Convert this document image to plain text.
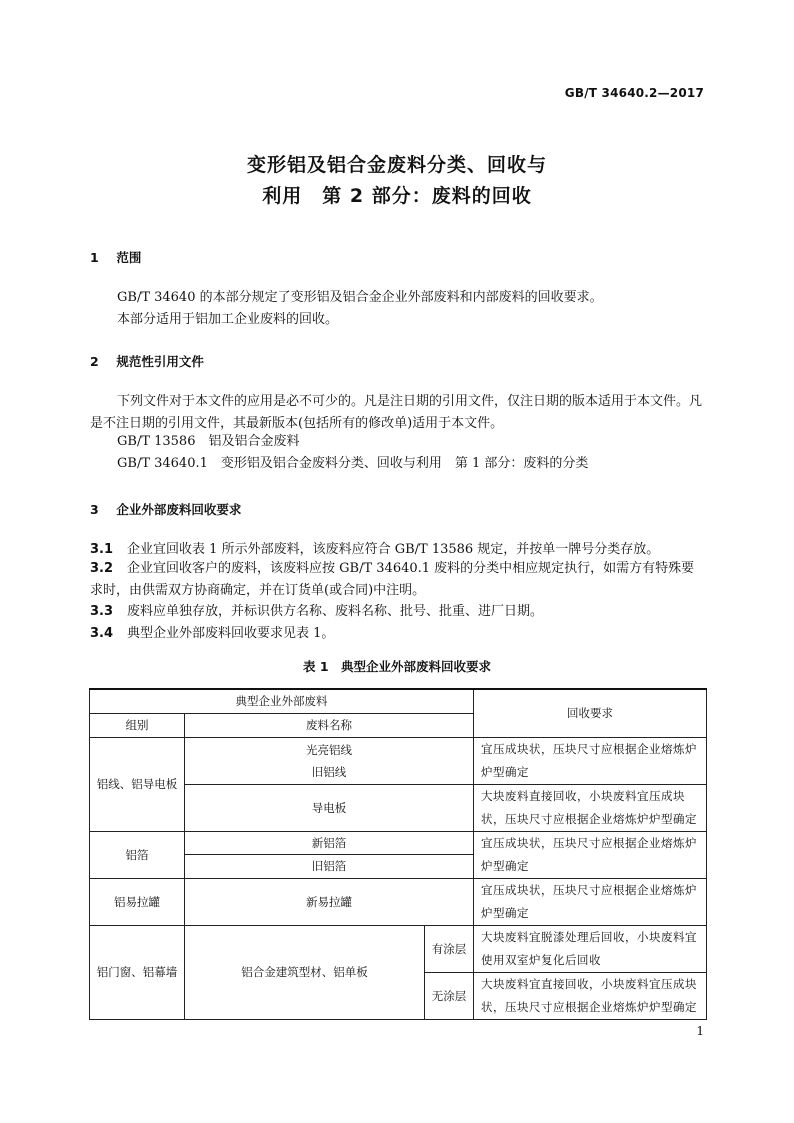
GB/T 34640.2—2017
变形铝及铝合金废料分类、回收与
利用　第 2 部分：废料的回收
1 范围
GB/T 34640 的本部分规定了变形铝及铝合金企业外部废料和内部废料的回收要求。
本部分适用于铝加工企业废料的回收。
2 规范性引用文件
下列文件对于本文件的应用是必不可少的。凡是注日期的引用文件，仅注日期的版本适用于本文件。凡是不注日期的引用文件，其最新版本(包括所有的修改单)适用于本文件。
GB/T 13586　铝及铝合金废料
GB/T 34640.1　变形铝及铝合金废料分类、回收与利用　第 1 部分：废料的分类
3 企业外部废料回收要求
3.1 企业宜回收表 1 所示外部废料，该废料应符合 GB/T 13586 规定，并按单一牌号分类存放。
3.2 企业宜回收客户的废料，该废料应按 GB/T 34640.1 废料的分类中相应规定执行，如需方有特殊要求时，由供需双方协商确定，并在订货单(或合同)中注明。
3.3 废料应单独存放，并标识供方名称、废料名称、批号、批重、进厂日期。
3.4 典型企业外部废料回收要求见表 1。
表 1　典型企业外部废料回收要求
典型企业外部废料			回收要求
组别	废料名称		
铝线、铝导电板	光亮铝线
旧铝线		宜压成块状，压块尺寸应根据企业熔炼炉炉型确定
	导电板		大块废料直接回收，小块废料宜压成块状，压块尺寸应根据企业熔炼炉炉型确定
铝箔	新铝箔		宜压成块状，压块尺寸应根据企业熔炼炉炉型确定
	旧铝箔		
铝易拉罐	新易拉罐		宜压成块状，压块尺寸应根据企业熔炼炉炉型确定
铝门窗、铝幕墙	铝合金建筑型材、铝单板	有涂层	大块废料宜脱漆处理后回收，小块废料宜使用双室炉复化后回收
		无涂层	大块废料宜直接回收，小块废料宜压成块状，压块尺寸应根据企业熔炼炉炉型确定
1
